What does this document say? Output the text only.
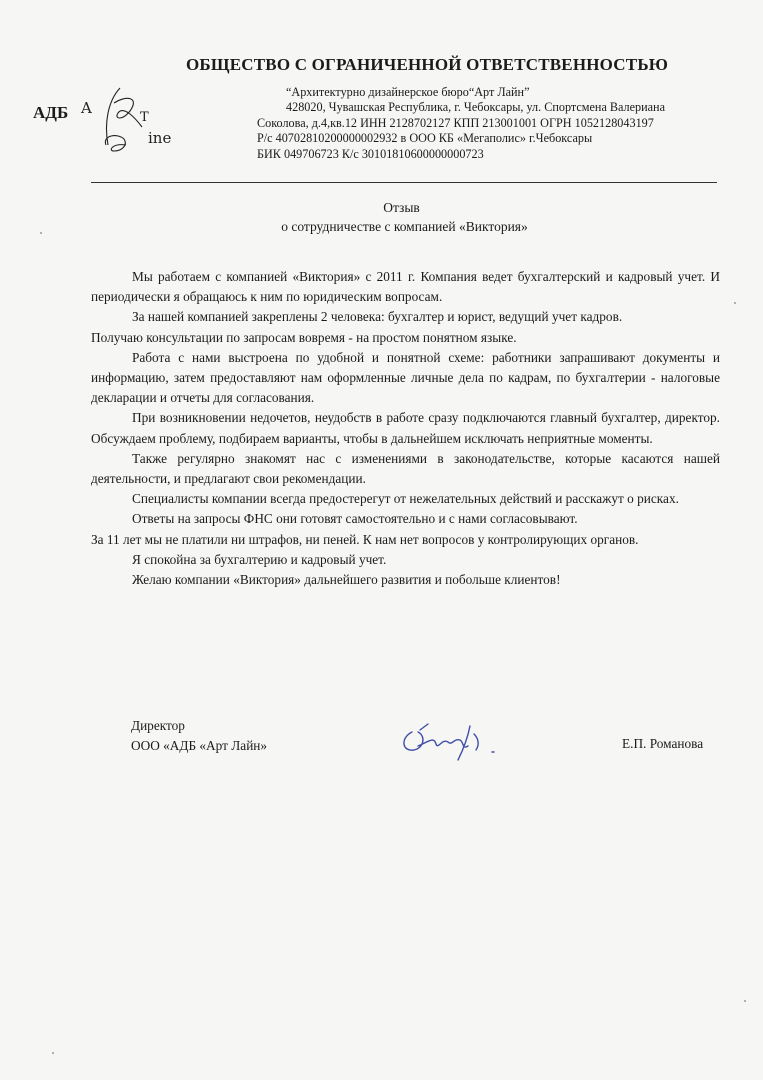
ОБЩЕСТВО С ОГРАНИЧЕННОЙ ОТВЕТСТВЕННОСТЬЮ
АДБ A
T
ine
“Архитектурно дизайнерское бюро“Арт Лайн”
428020, Чувашская Республика, г. Чебоксары, ул. Спортсмена Валериана
Соколова, д.4,кв.12 ИНН 2128702127 КПП 213001001 ОГРН 1052128043197
Р/с 40702810200000002932 в ООО КБ «Мегаполис» г.Чебоксары
БИК 049706723 К/с 30101810600000000723
Отзыв
о сотрудничестве с компанией «Виктория»

Мы работаем с компанией «Виктория» с 2011 г. Компания ведет бухгалтерский и кадровый учет. И периодически я обращаюсь к ним по юридическим вопросам.

За нашей компанией закреплены 2 человека: бухгалтер и юрист, ведущий учет кадров.

Получаю консультации по запросам вовремя - на простом понятном языке.

Работа с нами выстроена по удобной и понятной схеме: работники запрашивают документы и информацию, затем предоставляют нам оформленные личные дела по кадрам, по бухгалтерии - налоговые декларации и отчеты для согласования.

При возникновении недочетов, неудобств в работе сразу подключаются главный бухгалтер, директор. Обсуждаем проблему, подбираем варианты, чтобы в дальнейшем исключать неприятные моменты.

Также регулярно знакомят нас с изменениями в законодательстве, которые касаются нашей деятельности, и предлагают свои рекомендации.

Специалисты компании всегда предостерегут от нежелательных действий и расскажут о рисках.

Ответы на запросы ФНС они готовят самостоятельно и с нами согласовывают.

За 11 лет мы не платили ни штрафов, ни пеней. К нам нет вопросов у контролирующих органов.

Я спокойна за бухгалтерию и кадровый учет.

Желаю компании «Виктория» дальнейшего развития и побольше клиентов!

Директор
ООО «АДБ «Арт Лайн»	Е.П. Романова
